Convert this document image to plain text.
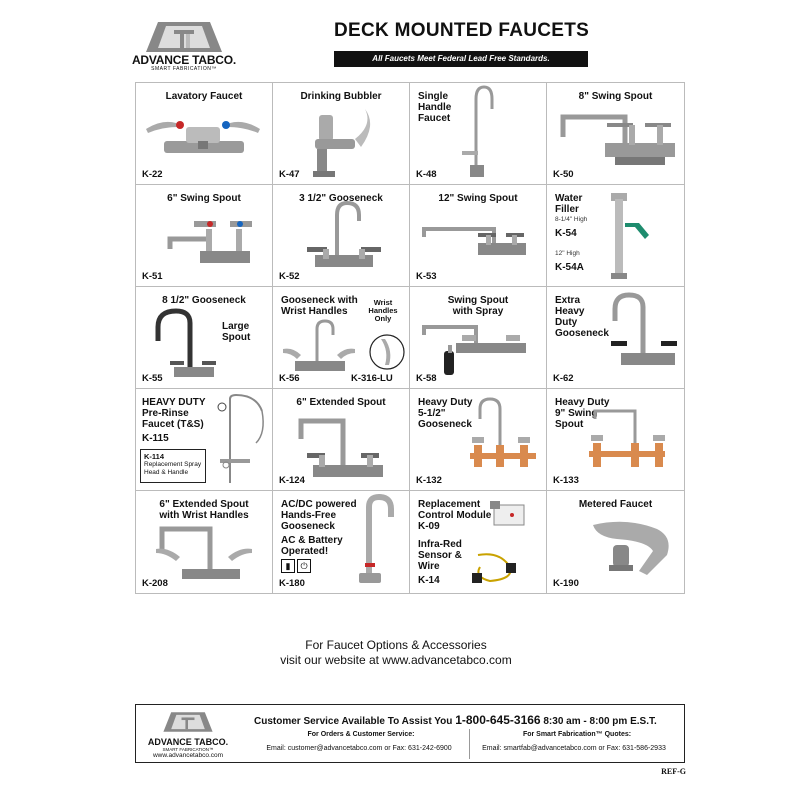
ADVANCE TABCO.
SMART FABRICATION™
DECK MOUNTED FAUCETS
All Faucets Meet Federal Lead Free Standards.
Lavatory Faucet
K-22
Drinking Bubbler
K-47
Single
Handle
Faucet
K-48
8" Swing Spout
K-50
6" Swing Spout
K-51
3 1/2" Gooseneck
K-52
12" Swing Spout
K-53
Water
Filler
8-1/4" High
K-54
12" High
K-54A
8 1/2" Gooseneck
Large
Spout
K-55
Gooseneck with
Wrist Handles
Wrist
Handles
Only
K-56	K-316-LU
Swing Spout
with Spray
K-58
Extra
Heavy
Duty
Gooseneck
K-62
HEAVY DUTY
Pre-Rinse
Faucet (T&S)
K-115
K-114
Replacement Spray
Head & Handle
6" Extended Spout
K-124
Heavy Duty
5-1/2"
Gooseneck
K-132
Heavy Duty
9" Swing
Spout
K-133
6" Extended Spout
with Wrist Handles
K-208
AC/DC powered
Hands-Free
Gooseneck
AC & Battery
Operated!
▮	⏻
K-180
Replacement
Control Module
K-09
Infra-Red
Sensor &
Wire
K-14
Metered Faucet
K-190
For Faucet Options & Accessories
visit our website at www.advancetabco.com
ADVANCE TABCO.
SMART FABRICATION™
www.advancetabco.com
Customer Service Available To Assist You 1-800-645-3166 8:30 am - 8:00 pm E.S.T.
For Orders & Customer Service:
Email: customer@advancetabco.com or Fax: 631-242-6900
For Smart Fabrication™ Quotes:
Email: smartfab@advancetabco.com or Fax: 631-586-2933
REF-G
